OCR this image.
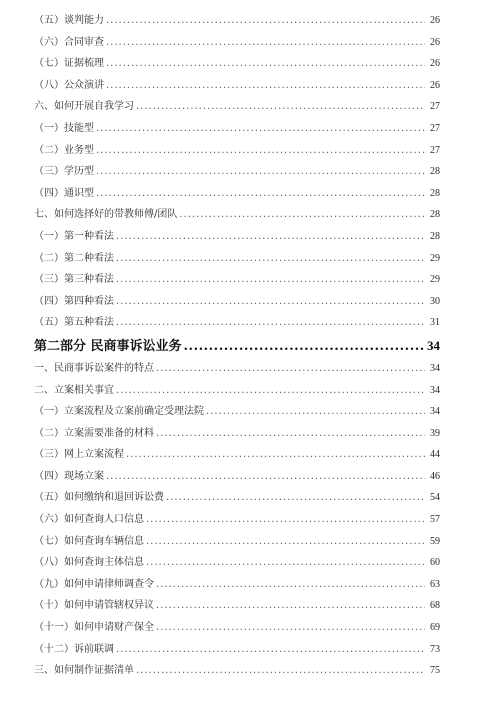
（五）谈判能力 .....	26
（六）合同审查 .....	26
（七）证据梳理 .....	26
（八）公众演讲 .....	26
六、如何开展自我学习 .....	27
（一）技能型 .....	27
（二）业务型 .....	27
（三）学历型 .....	28
（四）通识型 .....	28
七、如何选择好的带教师傅/团队 .....	28
（一）第一种看法 .....	28
（二）第二种看法 .....	29
（三）第三种看法 .....	29
（四）第四种看法 .....	30
（五）第五种看法 .....	31
第二部分 民商事诉讼业务 .....	34
一、民商事诉讼案件的特点 .....	34
二、立案相关事宜 .....	34
（一）立案流程及立案前确定受理法院 .....	34
（二）立案需要准备的材料 .....	39
（三）网上立案流程 .....	44
（四）现场立案 .....	46
（五）如何缴纳和退回诉讼费 .....	54
（六）如何查询人口信息 .....	57
（七）如何查询车辆信息 .....	59
（八）如何查询主体信息 .....	60
（九）如何申请律师调查令 .....	63
（十）如何申请管辖权异议 .....	68
（十一）如何申请财产保全 .....	69
（十二）诉前联调 .....	73
三、如何制作证据清单 .....	75
